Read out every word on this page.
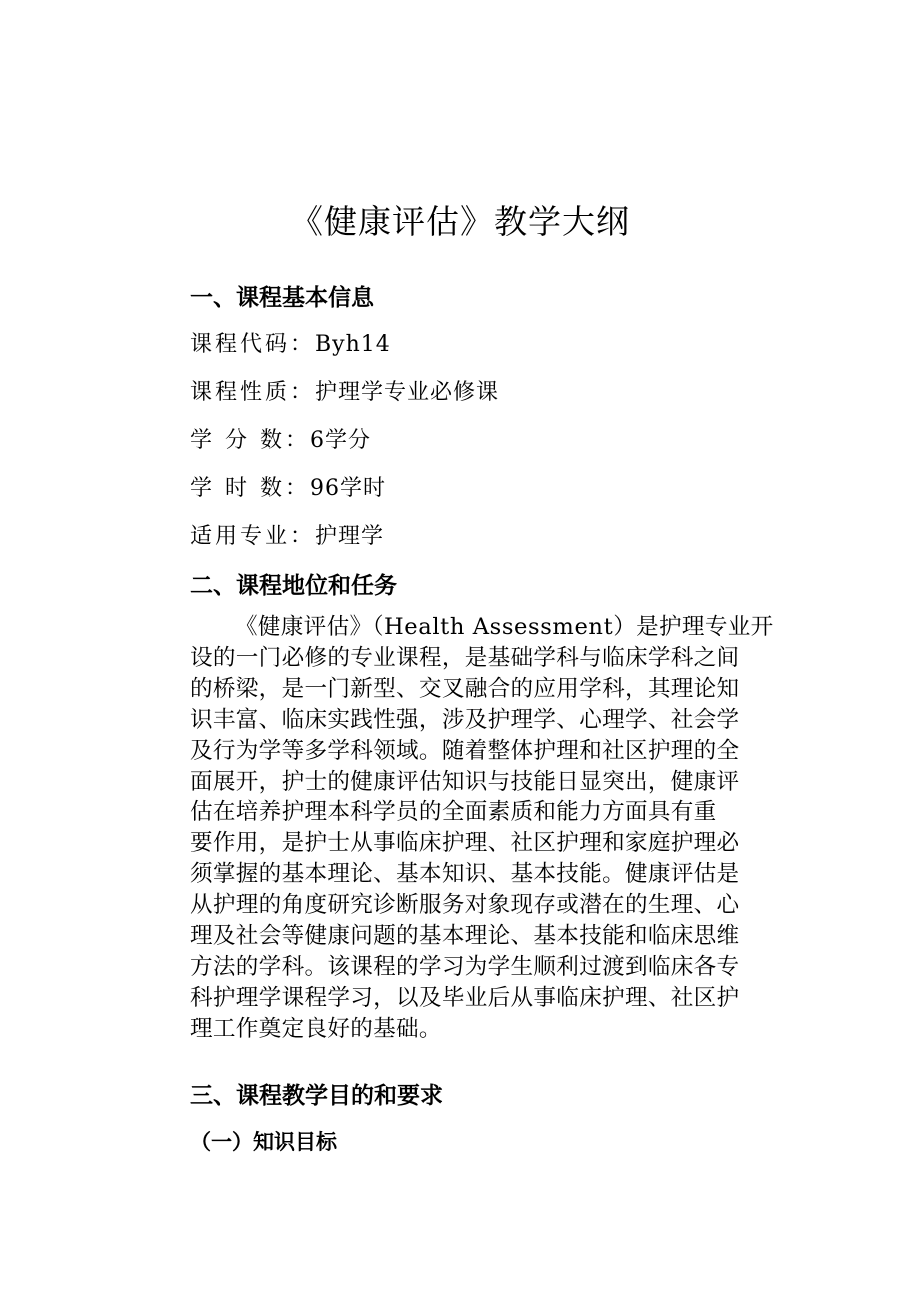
《健康评估》教学大纲
一、课程基本信息
课程代码：Byh14
课程性质：护理学专业必修课
学 分 数：6学分
学 时 数：96学时
适用专业：护理学
二、课程地位和任务
《健康评估》（Health Assessment）是护理专业开
设的一门必修的专业课程，是基础学科与临床学科之间
的桥梁，是一门新型、交叉融合的应用学科，其理论知
识丰富、临床实践性强，涉及护理学、心理学、社会学
及行为学等多学科领域。随着整体护理和社区护理的全
面展开，护士的健康评估知识与技能日显突出，健康评
估在培养护理本科学员的全面素质和能力方面具有重
要作用，是护士从事临床护理、社区护理和家庭护理必
须掌握的基本理论、基本知识、基本技能。健康评估是
从护理的角度研究诊断服务对象现存或潜在的生理、心
理及社会等健康问题的基本理论、基本技能和临床思维
方法的学科。该课程的学习为学生顺利过渡到临床各专
科护理学课程学习，以及毕业后从事临床护理、社区护
理工作奠定良好的基础。
三、课程教学目的和要求
（一）知识目标
